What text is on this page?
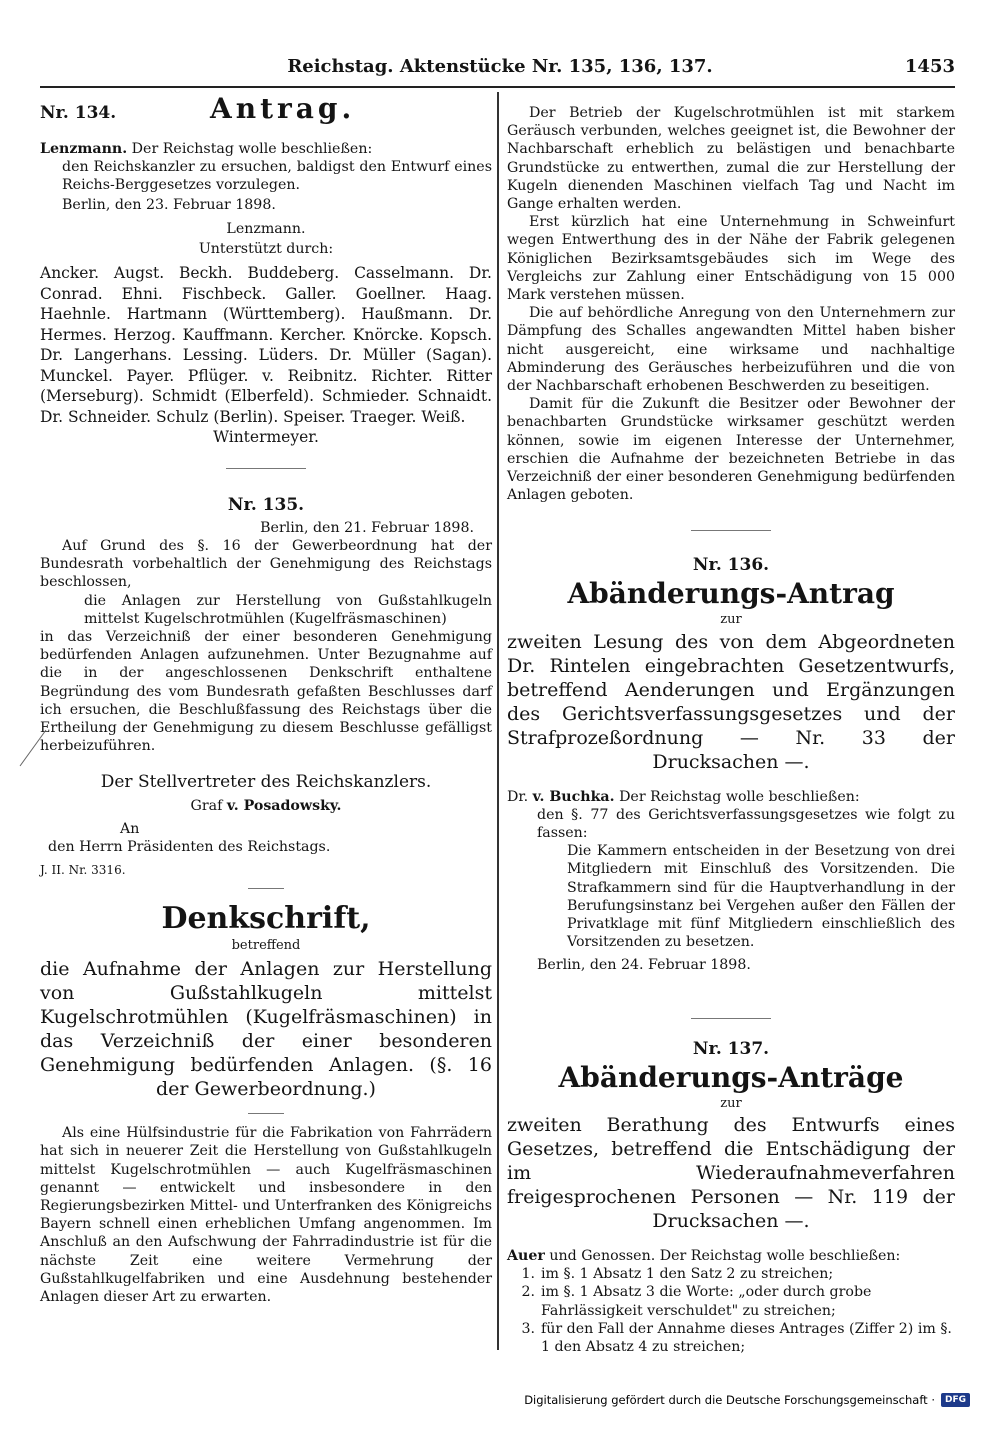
Reichstag. Aktenstücke Nr. 135, 136, 137.	1453
Nr. 134.	Antrag.

Lenzmann. Der Reichstag wolle beschließen:

den Reichskanzler zu ersuchen, baldigst den Entwurf eines Reichs-Berggesetzes vorzulegen.

Berlin, den 23. Februar 1898.

Lenzmann.

Unterstützt durch:

Ancker. Augst. Beckh. Buddeberg. Casselmann. Dr. Conrad. Ehni. Fischbeck. Galler. Goellner. Haag. Haehnle. Hartmann (Württemberg). Haußmann. Dr. Hermes. Herzog. Kauffmann. Kercher. Knörcke. Kopsch. Dr. Langerhans. Lessing. Lüders. Dr. Müller (Sagan). Munckel. Payer. Pflüger. v. Reibnitz. Richter. Ritter (Merseburg). Schmidt (Elberfeld). Schmieder. Schnaidt. Dr. Schneider. Schulz (Berlin). Speiser. Traeger. Weiß.

Wintermeyer.

Nr. 135.

Berlin, den 21. Februar 1898.

Auf Grund des §. 16 der Gewerbeordnung hat der Bundesrath vorbehaltlich der Genehmigung des Reichstags beschlossen,

die Anlagen zur Herstellung von Gußstahlkugeln mittelst Kugelschrotmühlen (Kugelfräsmaschinen)

in das Verzeichniß der einer besonderen Genehmigung bedürfenden Anlagen aufzunehmen. Unter Bezugnahme auf die in der angeschlossenen Denkschrift enthaltene Begründung des vom Bundesrath gefaßten Beschlusses darf ich ersuchen, die Beschlußfassung des Reichstags über die Ertheilung der Genehmigung zu diesem Beschlusse gefälligst herbeizuführen.

Der Stellvertreter des Reichskanzlers.

Graf v. Posadowsky.

An

den Herrn Präsidenten des Reichstags.

J. II. Nr. 3316.

Denkschrift,

betreffend

die Aufnahme der Anlagen zur Herstellung von Gußstahlkugeln mittelst Kugelschrotmühlen (Kugelfräsmaschinen) in das Verzeichniß der einer besonderen Genehmigung bedürfenden Anlagen. (§. 16 der Gewerbeordnung.)

Als eine Hülfsindustrie für die Fabrikation von Fahrrädern hat sich in neuerer Zeit die Herstellung von Gußstahlkugeln mittelst Kugelschrotmühlen — auch Kugelfräsmaschinen genannt — entwickelt und insbesondere in den Regierungsbezirken Mittel- und Unterfranken des Königreichs Bayern schnell einen erheblichen Umfang angenommen. Im Anschluß an den Aufschwung der Fahrradindustrie ist für die nächste Zeit eine weitere Vermehrung der Gußstahlkugelfabriken und eine Ausdehnung bestehender Anlagen dieser Art zu erwarten.

Der Betrieb der Kugelschrotmühlen ist mit starkem Geräusch verbunden, welches geeignet ist, die Bewohner der Nachbarschaft erheblich zu belästigen und benachbarte Grundstücke zu entwerthen, zumal die zur Herstellung der Kugeln dienenden Maschinen vielfach Tag und Nacht im Gange erhalten werden.

Erst kürzlich hat eine Unternehmung in Schweinfurt wegen Entwerthung des in der Nähe der Fabrik gelegenen Königlichen Bezirksamtsgebäudes sich im Wege des Vergleichs zur Zahlung einer Entschädigung von 15 000 Mark verstehen müssen.

Die auf behördliche Anregung von den Unternehmern zur Dämpfung des Schalles angewandten Mittel haben bisher nicht ausgereicht, eine wirksame und nachhaltige Abminderung des Geräusches herbeizuführen und die von der Nachbarschaft erhobenen Beschwerden zu beseitigen.

Damit für die Zukunft die Besitzer oder Bewohner der benachbarten Grundstücke wirksamer geschützt werden können, sowie im eigenen Interesse der Unternehmer, erschien die Aufnahme der bezeichneten Betriebe in das Verzeichniß der einer besonderen Genehmigung bedürfenden Anlagen geboten.

Nr. 136.

Abänderungs-Antrag

zur

zweiten Lesung des von dem Abgeordneten Dr. Rintelen eingebrachten Gesetzentwurfs, betreffend Aenderungen und Ergänzungen des Gerichtsverfassungsgesetzes und der Strafprozeßordnung — Nr. 33 der Drucksachen —.

Dr. v. Buchka. Der Reichstag wolle beschließen:

den §. 77 des Gerichtsverfassungsgesetzes wie folgt zu fassen:

Die Kammern entscheiden in der Besetzung von drei Mitgliedern mit Einschluß des Vorsitzenden. Die Strafkammern sind für die Hauptverhandlung in der Berufungsinstanz bei Vergehen außer den Fällen der Privatklage mit fünf Mitgliedern einschließlich des Vorsitzenden zu besetzen.

Berlin, den 24. Februar 1898.

Nr. 137.

Abänderungs-Anträge

zur

zweiten Berathung des Entwurfs eines Gesetzes, betreffend die Entschädigung der im Wiederaufnahmeverfahren freigesprochenen Personen — Nr. 119 der Drucksachen —.

Auer und Genossen. Der Reichstag wolle beschließen:

1. im §. 1 Absatz 1 den Satz 2 zu streichen;
2. im §. 1 Absatz 3 die Worte: „oder durch grobe Fahrlässigkeit verschuldet" zu streichen;
3. für den Fall der Annahme dieses Antrages (Ziffer 2) im §. 1 den Absatz 4 zu streichen;
Digitalisierung gefördert durch die Deutsche Forschungsgemeinschaft ·	DFG
